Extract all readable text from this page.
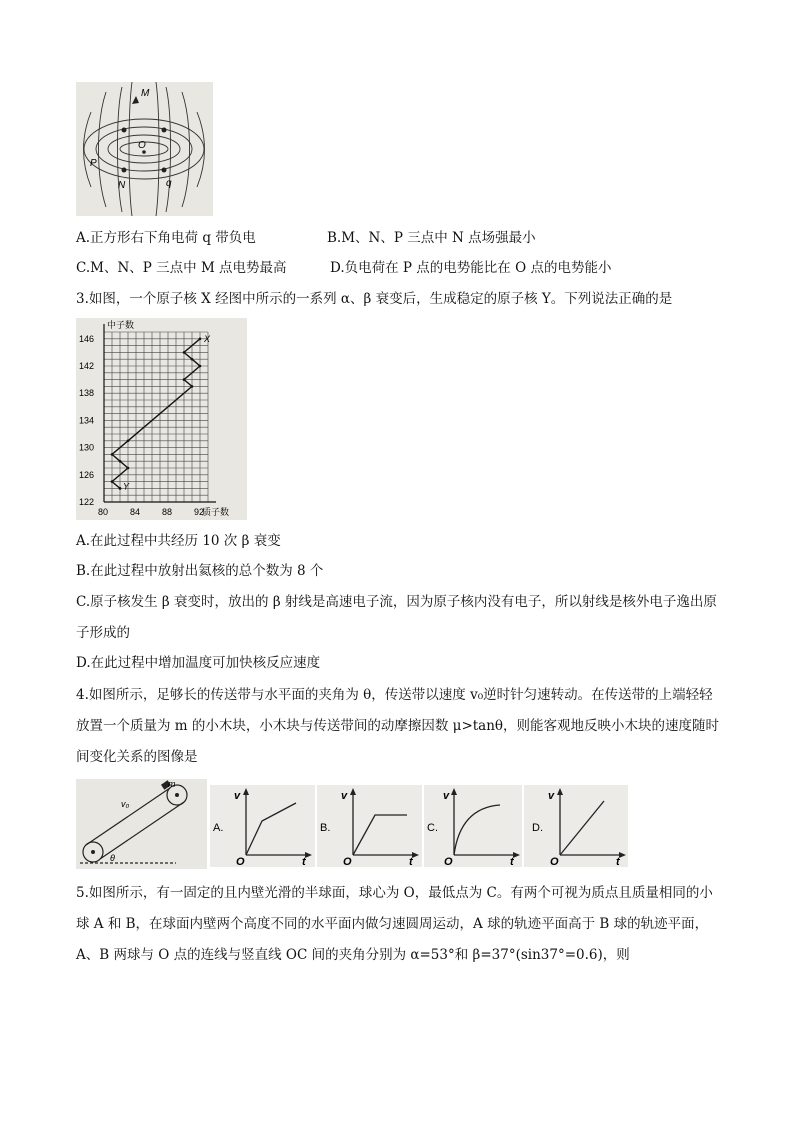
M
O
P
N	q
A.正方形右下角电荷 q 带负电	B.M、N、P 三点中 N 点场强最小
C.M、N、P 三点中 M 点电势最高	D.负电荷在 P 点的电势能比在 O 点的电势能小
3.如图，一个原子核 X 经图中所示的一系列 α、β 衰变后，生成稳定的原子核 Y。下列说法正确的是
中子数
质子数
146
142
138
134
130
126
122
80 84 88 92
X
Y
A.在此过程中共经历 10 次 β 衰变
B.在此过程中放射出氦核的总个数为 8 个
C.原子核发生 β 衰变时，放出的 β 射线是高速电子流，因为原子核内没有电子，所以射线是核外电子逸出原
子形成的
D.在此过程中增加温度可加快核反应速度
4.如图所示，足够长的传送带与水平面的夹角为 θ，传送带以速度 v₀逆时针匀速转动。在传送带的上端轻轻
放置一个质量为 m 的小木块，小木块与传送带间的动摩擦因数 μ>tanθ，则能客观地反映小木块的速度随时
间变化关系的图像是
m
v₀
θ
A.
v
t
O
B.
v
t
O
C.
v
t
O
D.
v
t
O
5.如图所示，有一固定的且内壁光滑的半球面，球心为 O，最低点为 C。有两个可视为质点且质量相同的小
球 A 和 B，在球面内壁两个高度不同的水平面内做匀速圆周运动，A 球的轨迹平面高于 B 球的轨迹平面，
A、B 两球与 O 点的连线与竖直线 OC 间的夹角分别为 α=53°和 β=37°(sin37°=0.6)，则
